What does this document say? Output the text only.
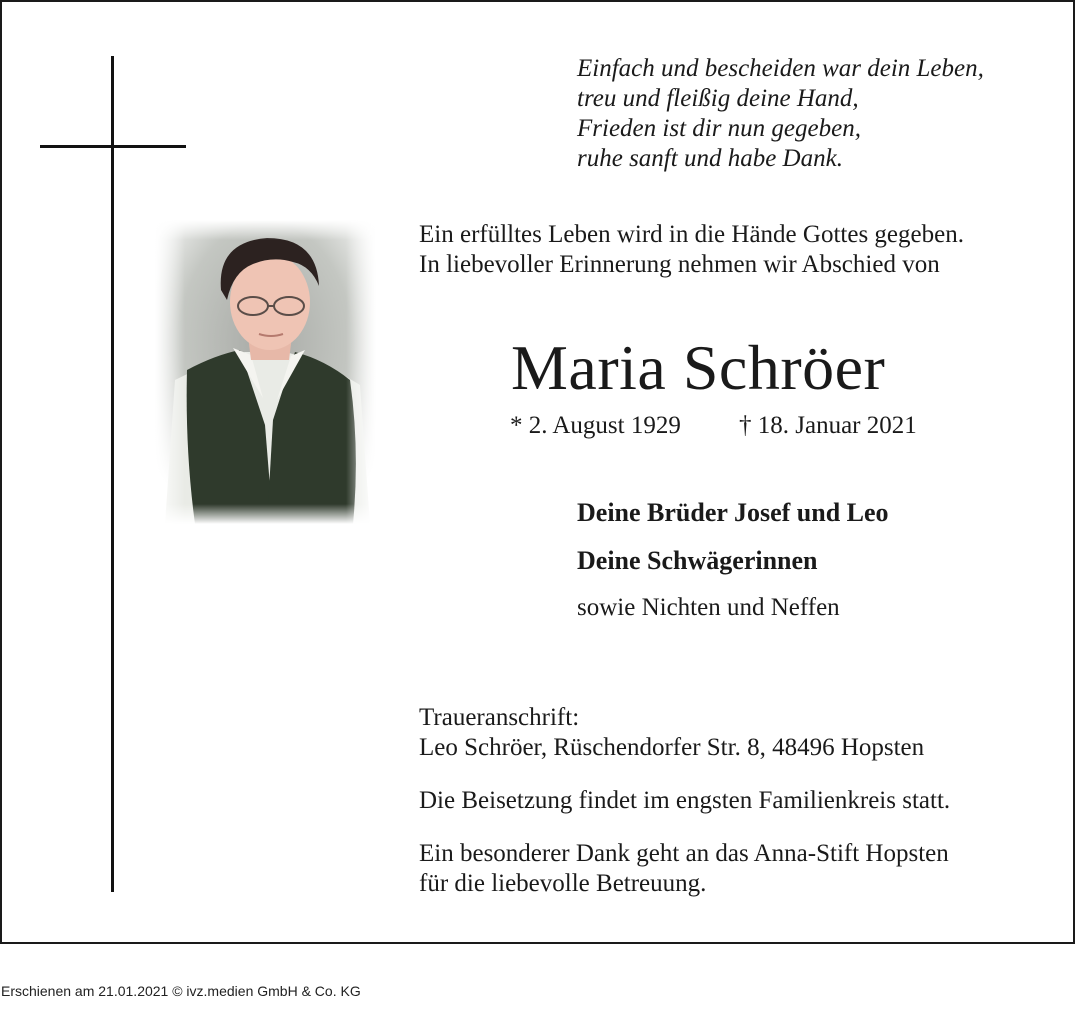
Einfach und bescheiden war dein Leben,
treu und fleißig deine Hand,
Frieden ist dir nun gegeben,
ruhe sanft und habe Dank.
Ein erfülltes Leben wird in die Hände Gottes gegeben.
In liebevoller Erinnerung nehmen wir Abschied von
Maria Schröer
* 2. August 1929 † 18. Januar 2021
Deine Brüder Josef und Leo
Deine Schwägerinnen
sowie Nichten und Neffen
Traueranschrift:
Leo Schröer, Rüschendorfer Str. 8, 48496 Hopsten
Die Beisetzung findet im engsten Familienkreis statt.
Ein besonderer Dank geht an das Anna-Stift Hopsten
für die liebevolle Betreuung.
Erschienen am 21.01.2021 © ivz.medien GmbH & Co. KG
